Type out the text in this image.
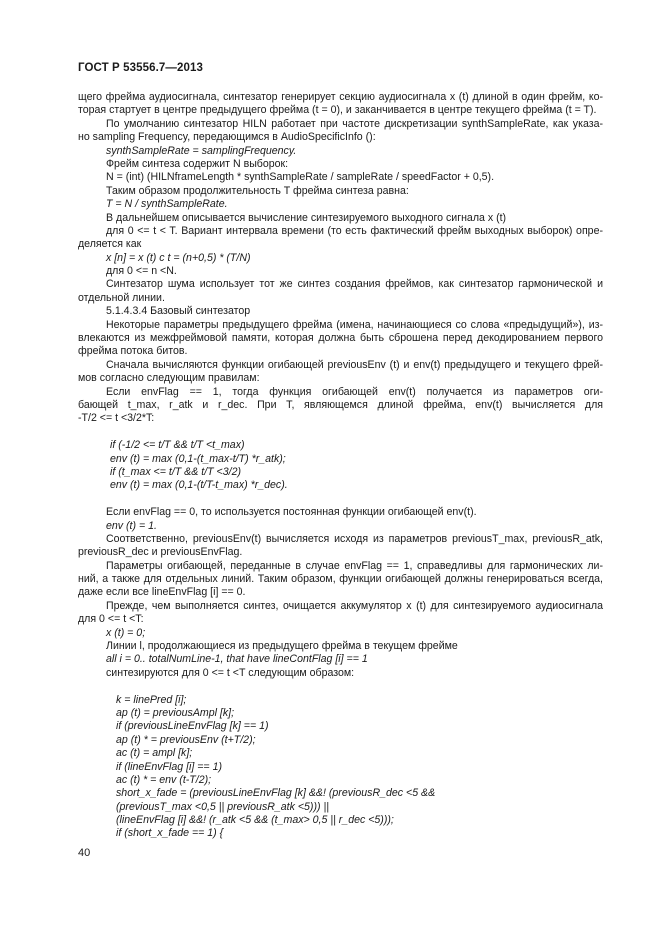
ГОСТ Р 53556.7—2013
щего фрейма аудиосигнала, синтезатор генерирует секцию аудиосигнала x (t) длиной в один фрейм, ко-
торая стартует в центре предыдущего фрейма (t = 0), и заканчивается в центре текущего фрейма (t = T).
По умолчанию синтезатор HILN работает при частоте дискретизации synthSampleRate, как указа-
но sampling Frequency, передающимся в AudioSpecificInfo ():
synthSampleRate = samplingFrequency.
Фрейм синтеза содержит N выборок:
N = (int) (HILNframeLength * synthSampleRate / sampleRate / speedFactor + 0,5).
Таким образом продолжительность T фрейма синтеза равна:
T = N / synthSampleRate.
В дальнейшем описывается вычисление синтезируемого выходного сигнала x (t)
для 0 <= t < T. Вариант интервала времени (то есть фактический фрейм выходных выборок) опре-
деляется как
x [n] = x (t) с t = (n+0,5) * (T/N)
для 0 <= n <N.
Синтезатор шума использует тот же синтез создания фреймов, как синтезатор гармонической и
отдельной линии.
5.1.4.3.4 Базовый синтезатор
Некоторые параметры предыдущего фрейма (имена, начинающиеся со слова «предыдущий»), из-
влекаются из межфреймовой памяти, которая должна быть сброшена перед декодированием первого
фрейма потока битов.
Сначала вычисляются функции огибающей previousEnv (t) и env(t) предыдущего и текущего фрей-
мов согласно следующим правилам:
Если envFlag == 1, тогда функция огибающей env(t) получается из параметров оги-
бающей t_max, r_atk и r_dec. При T, являющемся длиной фрейма, env(t) вычисляется для
-T/2 <= t <3/2*T:
if (-1/2 <= t/T && t/T <t_max)
env (t) = max (0,1-(t_max-t/T) *r_atk);
if (t_max <= t/T && t/T <3/2)
env (t) = max (0,1-(t/T-t_max) *r_dec).
Если envFlag == 0, то используется постоянная функции огибающей env(t).
env (t) = 1.
Соответственно, previousEnv(t) вычисляется исходя из параметров previousT_max, previousR_atk,
previousR_dec и previousEnvFlag.
Параметры огибающей, переданные в случае envFlag == 1, справедливы для гармонических ли-
ний, а также для отдельных линий. Таким образом, функции огибающей должны генерироваться всегда,
даже если все lineEnvFlag [i] == 0.
Прежде, чем выполняется синтез, очищается аккумулятор x (t) для синтезируемого аудиосигнала
для 0 <= t <T:
x (t) = 0;
Линии l, продолжающиеся из предыдущего фрейма в текущем фрейме
all i = 0.. totalNumLine-1, that have lineContFlag [i] == 1
синтезируются для 0 <= t <T следующим образом:
k = linePred [i];
ap (t) = previousAmpl [k];
if (previousLineEnvFlag [k] == 1)
ap (t) * = previousEnv (t+T/2);
ac (t) = ampl [k];
if (lineEnvFlag [i] == 1)
ac (t) * = env (t-T/2);
short_x_fade = (previousLineEnvFlag [k] &&! (previousR_dec <5 &&
(previousT_max <0,5 || previousR_atk <5))) ||
(lineEnvFlag [i] &&! (r_atk <5 && (t_max> 0,5 || r_dec <5)));
if (short_x_fade == 1) {
40
